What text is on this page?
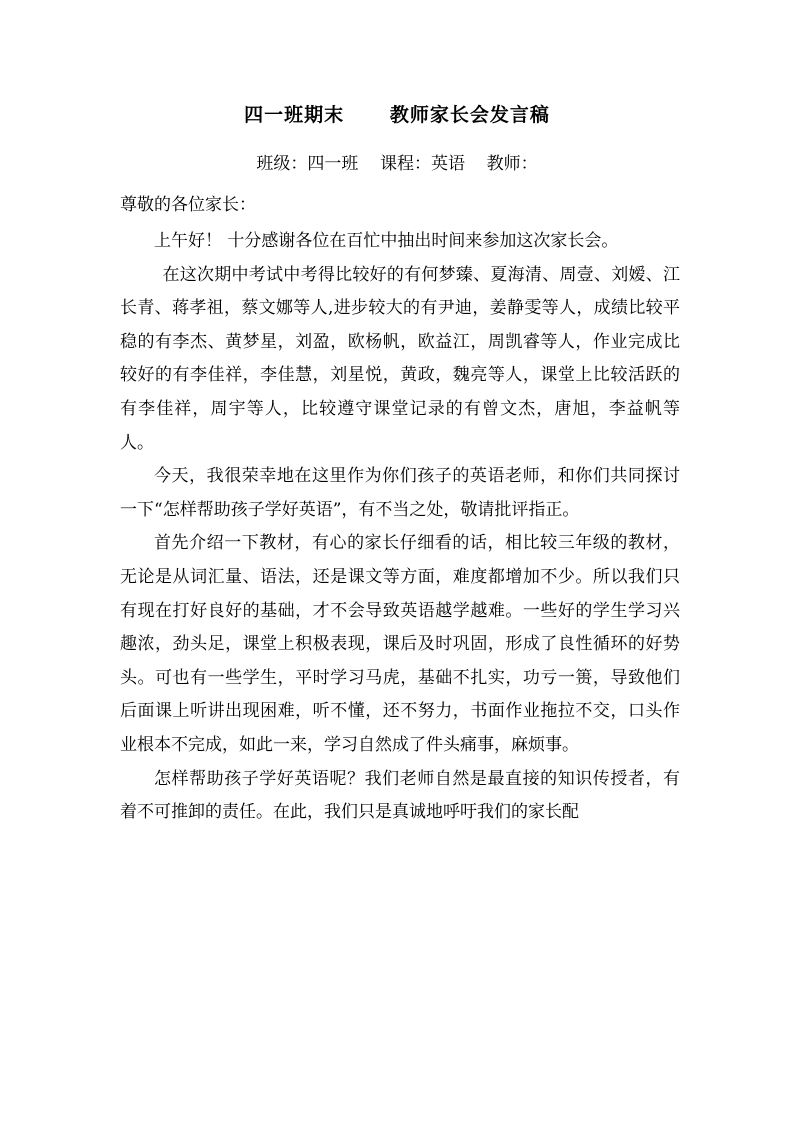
四一班期末      教师家长会发言稿
班级：四一班    课程：英语    教师：
尊敬的各位家长：

上午好！ 十分感谢各位在百忙中抽出时间来参加这次家长会。

在这次期中考试中考得比较好的有何梦臻、夏海清、周壹、刘嫒、江长青、蒋孝祖，蔡文娜等人,进步较大的有尹迪，姜静雯等人，成绩比较平稳的有李杰、黄梦星，刘盈，欧杨帆，欧益江，周凯睿等人，作业完成比较好的有李佳祥，李佳慧，刘星悦，黄政，魏亮等人，课堂上比较活跃的有李佳祥，周宇等人，比较遵守课堂记录的有曾文杰，唐旭，李益帆等人。

今天，我很荣幸地在这里作为你们孩子的英语老师，和你们共同探讨一下“怎样帮助孩子学好英语”，有不当之处，敬请批评指正。

首先介绍一下教材，有心的家长仔细看的话，相比较三年级的教材，无论是从词汇量、语法，还是课文等方面，难度都增加不少。所以我们只有现在打好良好的基础，才不会导致英语越学越难。一些好的学生学习兴趣浓，劲头足，课堂上积极表现，课后及时巩固，形成了良性循环的好势头。可也有一些学生，平时学习马虎，基础不扎实，功亏一篑，导致他们后面课上听讲出现困难，听不懂，还不努力，书面作业拖拉不交，口头作业根本不完成，如此一来，学习自然成了件头痛事，麻烦事。

怎样帮助孩子学好英语呢？我们老师自然是最直接的知识传授者，有着不可推卸的责任。在此，我们只是真诚地呼吁我们的家长配
